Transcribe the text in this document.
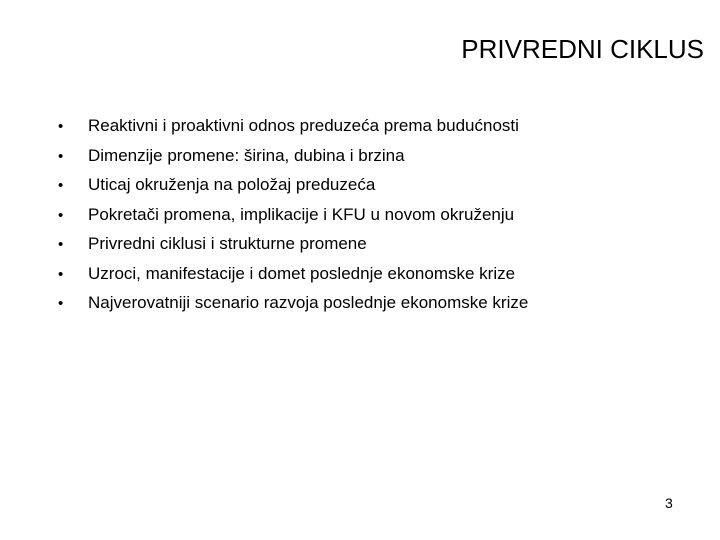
PRIVREDNI CIKLUS
•	Reaktivni i proaktivni odnos preduzeća prema budućnosti
•	Dimenzije promene: širina, dubina i brzina
•	Uticaj okruženja na položaj preduzeća
•	Pokretači promena, implikacije i KFU u novom okruženju
•	Privredni ciklusi i strukturne promene
•	Uzroci, manifestacije i domet poslednje ekonomske krize
•	Najverovatniji scenario razvoja poslednje ekonomske krize
3
